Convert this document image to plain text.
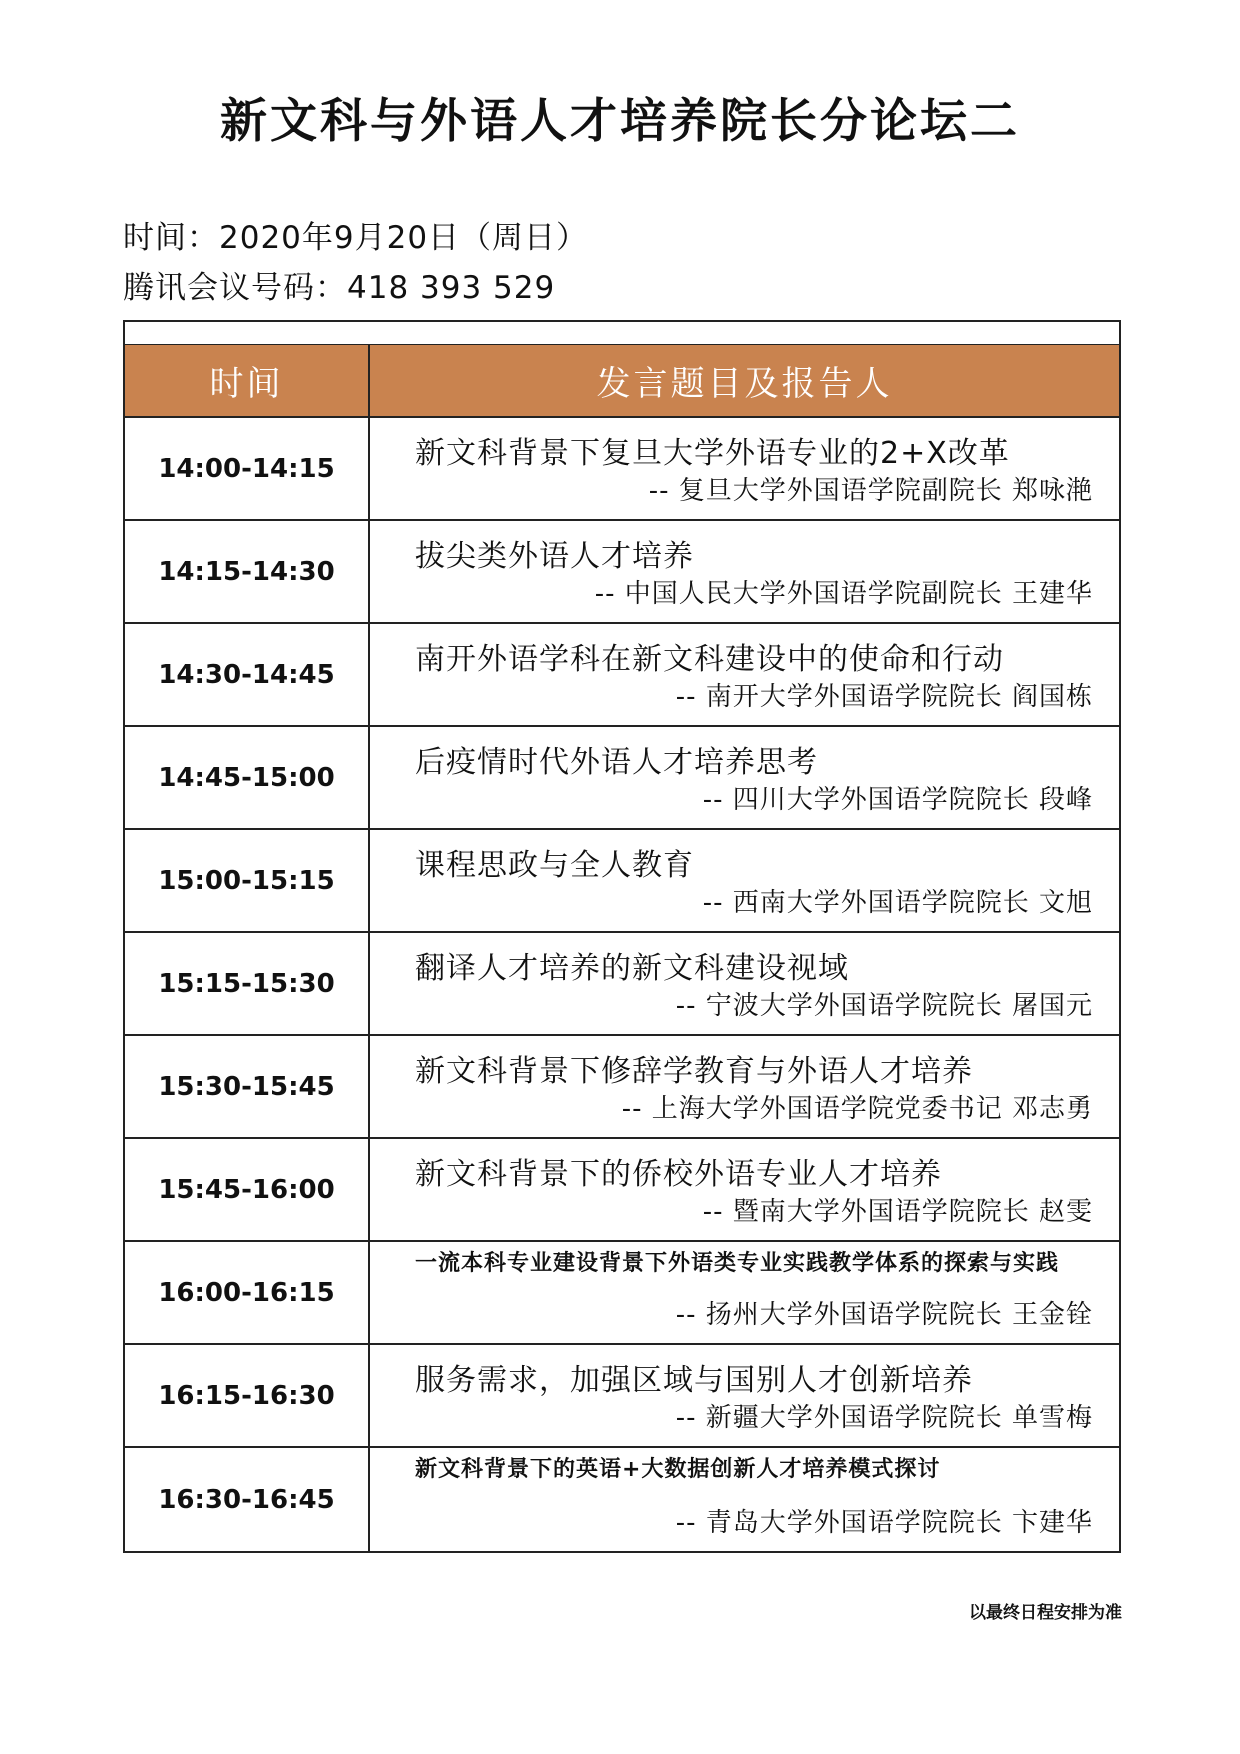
新文科与外语人才培养院长分论坛二
时间：2020年9月20日（周日）
腾讯会议号码：418 393 529
时间	发言题目及报告人
14:00-14:15	新文科背景下复旦大学外语专业的2+X改革
-- 复旦大学外国语学院副院长 郑咏滟
14:15-14:30	拔尖类外语人才培养
-- 中国人民大学外国语学院副院长 王建华
14:30-14:45	南开外语学科在新文科建设中的使命和行动
-- 南开大学外国语学院院长 阎国栋
14:45-15:00	后疫情时代外语人才培养思考
-- 四川大学外国语学院院长 段峰
15:00-15:15	课程思政与全人教育
-- 西南大学外国语学院院长 文旭
15:15-15:30	翻译人才培养的新文科建设视域
-- 宁波大学外国语学院院长 屠国元
15:30-15:45	新文科背景下修辞学教育与外语人才培养
-- 上海大学外国语学院党委书记 邓志勇
15:45-16:00	新文科背景下的侨校外语专业人才培养
-- 暨南大学外国语学院院长 赵雯
16:00-16:15
一流本科专业建设背景下外语类专业实践教学体系的探索与实践
-- 扬州大学外国语学院院长 王金铨
16:15-16:30	服务需求，加强区域与国别人才创新培养
-- 新疆大学外国语学院院长 单雪梅
16:30-16:45
新文科背景下的英语+大数据创新人才培养模式探讨
-- 青岛大学外国语学院院长 卞建华
以最终日程安排为准
